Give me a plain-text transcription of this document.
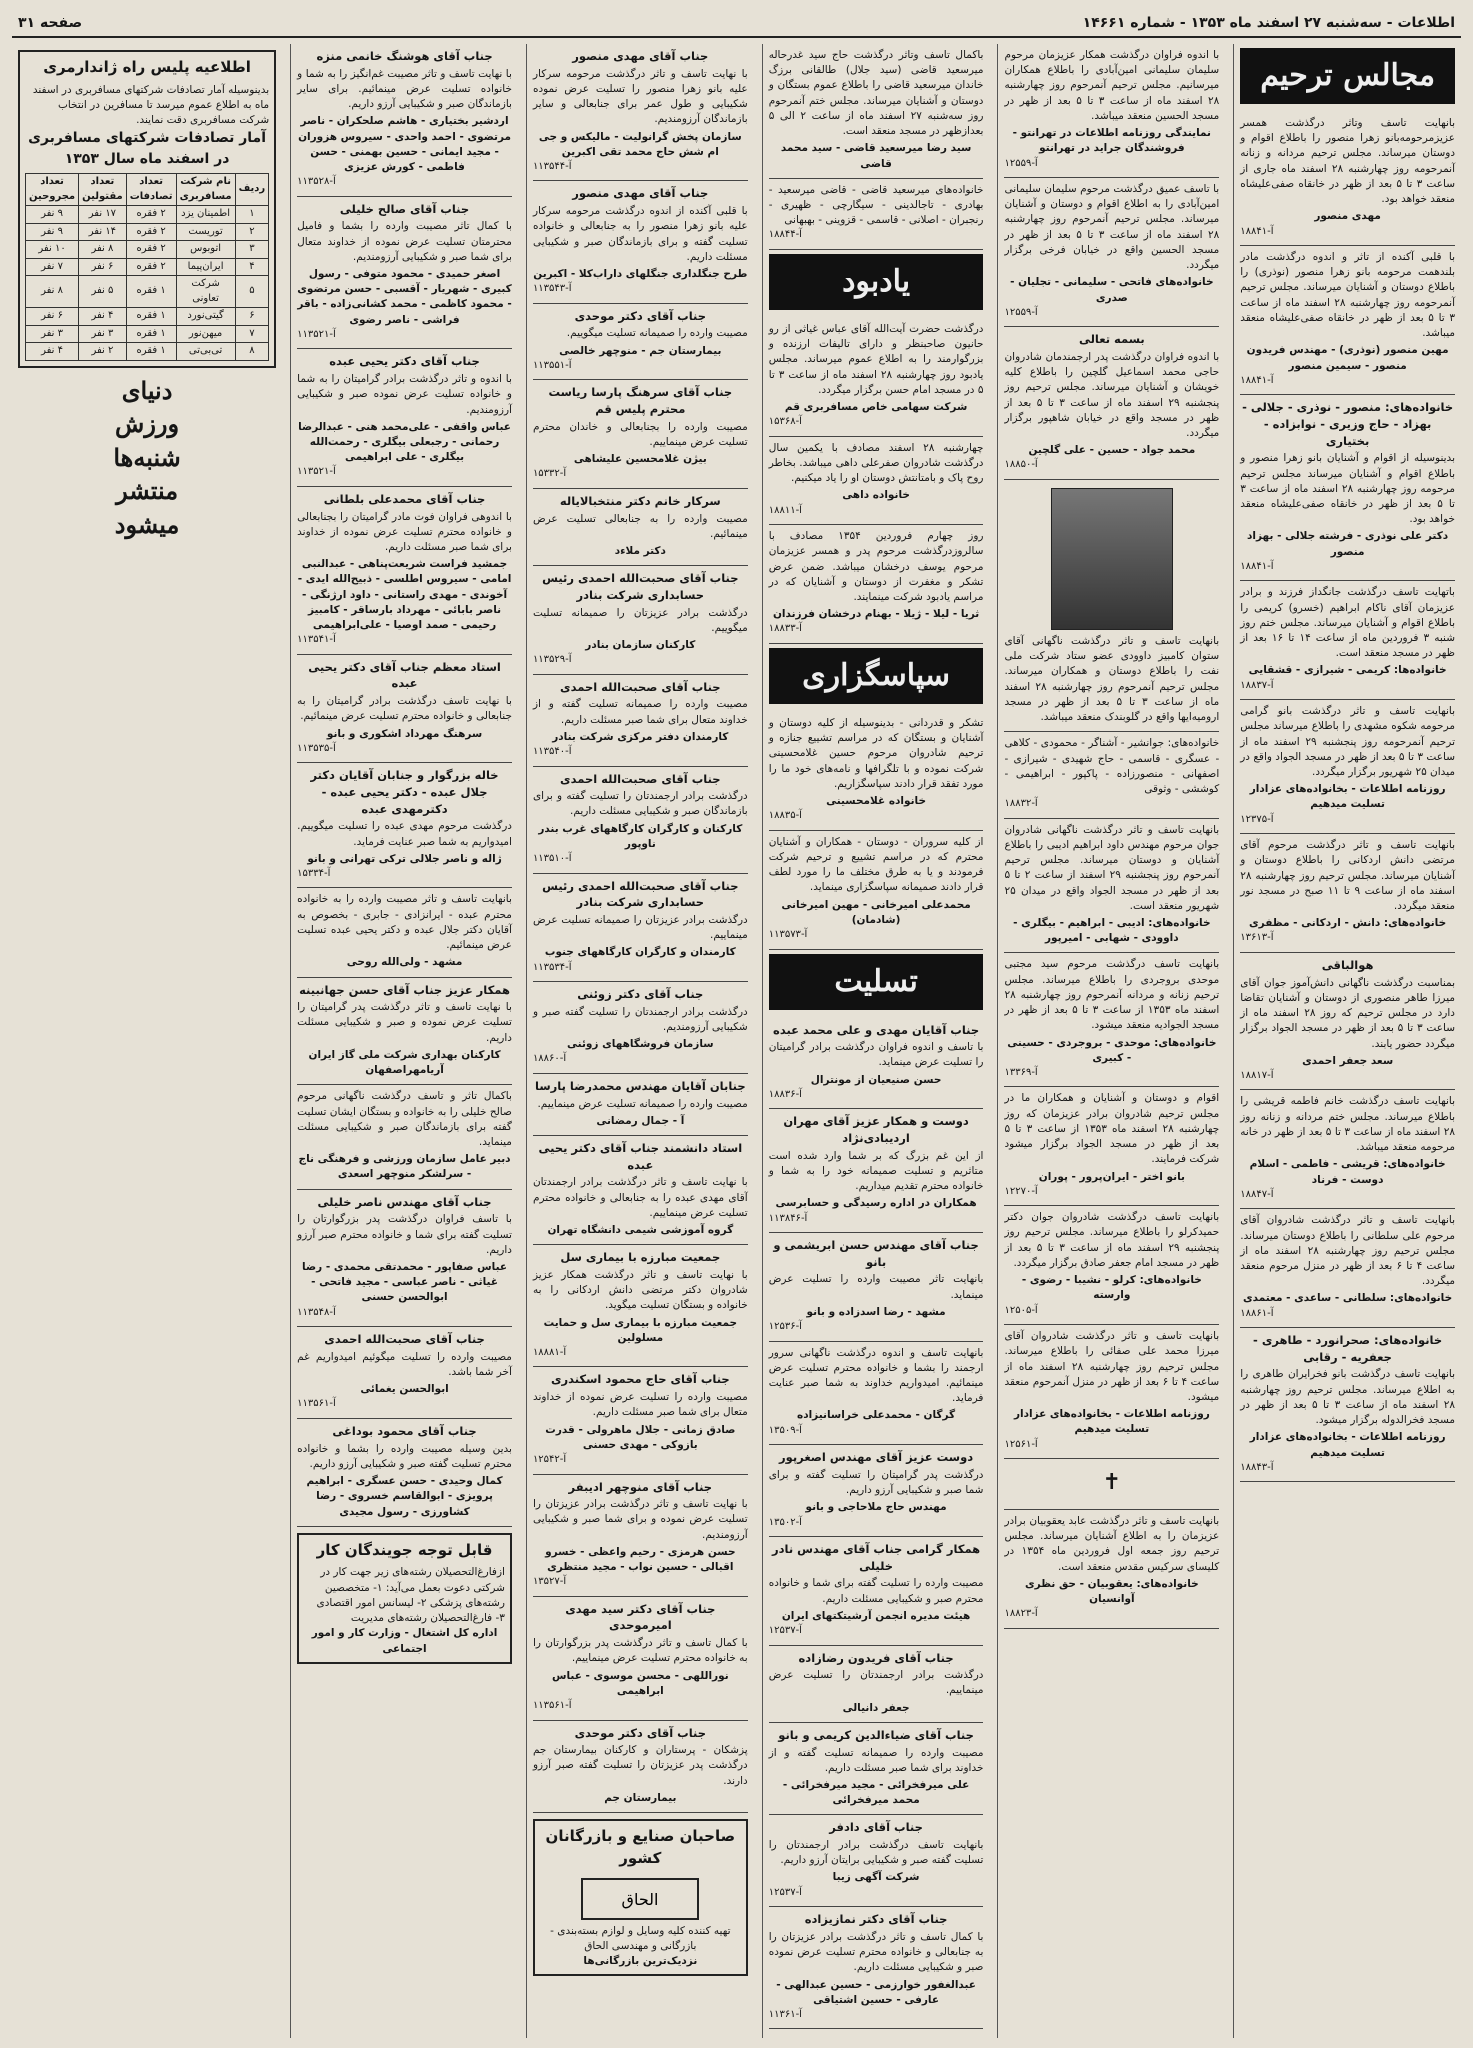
اطلاعات - سه‌شنبه ۲۷ اسفند ماه ۱۳۵۳ - شماره ۱۴۶۶۱
صفحه ۳۱
مجالس ترحیم
بانهایت تاسف وتاثر درگذشت همسر عزیزمرحومه‌بانو زهرا منصور را باطلاع اقوام و دوستان میرساند. مجلس ترحیم مردانه و زنانه آنمرحومه روز چهارشنبه ۲۸ اسفند ماه جاری از ساعت ۳ تا ۵ بعد از ظهر در خانقاه صفی‌علیشاه منعقد خواهد بود.
مهدی منصور
آ-۱۸۸۴۱
با قلبی آکنده از تاثر و اندوه درگذشت مادر بلندهمت مرحومه بانو زهرا منصور (نوذری) را باطلاع دوستان و آشنایان میرساند. مجلس ترحیم آنمرحومه روز چهارشنبه ۲۸ اسفند ماه از ساعت ۳ تا ۵ بعد از ظهر در خانقاه صفی‌علیشاه منعقد میباشد.
مهین منصور (نوذری) - مهندس فریدون منصور - سیمین منصور
آ-۱۸۸۴۱
خانواده‌های: منصور - نوذری - جلالی - بهزاد - حاج وزیری - نوابزاده - بختیاری
بدینوسیله از اقوام و آشنایان بانو زهرا منصور و باطلاع اقوام و آشنایان میرساند مجلس ترحیم مرحومه روز چهارشنبه ۲۸ اسفند ماه از ساعت ۳ تا ۵ بعد از ظهر در خانقاه صفی‌علیشاه منعقد خواهد بود.
دکتر علی نوذری - فرشته جلالی - بهزاد منصور
آ-۱۸۸۴۱
باتهایت تاسف درگذشت جانگداز فرزند و برادر عزیزمان آقای ناکام ابراهیم (خسرو) کریمی را باطلاع اقوام و آشنایان میرساند. مجلس ختم روز شنبه ۳ فروردین ماه از ساعت ۱۴ تا ۱۶ بعد از ظهر در مسجد منعقد است.
خانواده‌ها: کریمی - شیرازی - قشقایی
آ-۱۸۸۳۷
بانهایت تاسف و تاثر درگذشت بانو گرامی مرحومه شکوه مشهدی را باطلاع میرساند مجلس ترحیم آنمرحومه روز پنجشنبه ۲۹ اسفند ماه از ساعت ۳ تا ۵ بعد از ظهر در مسجد الجواد واقع در میدان ۲۵ شهریور برگزار میگردد.
روزنامه اطلاعات - بخانواده‌های عزادار تسلیت میدهیم
آ-۱۲۳۷۵
بانهایت تاسف و تاثر درگذشت مرحوم آقای مرتضی دانش اردکانی را باطلاع دوستان و آشنایان میرساند. مجلس ترحیم روز چهارشنبه ۲۸ اسفند ماه از ساعت ۹ تا ۱۱ صبح در مسجد نور منعقد میگردد.
خانواده‌های: دانش - اردکانی - مظفری
آ-۱۳۶۱۳
هوالباقی
بمناسبت درگذشت ناگهانی دانش‌آموز جوان آقای میرزا طاهر منصوری از دوستان و آشنایان تقاضا دارد در مجلس ترحیم که روز ۲۸ اسفند ماه از ساعت ۳ تا ۵ بعد از ظهر در مسجد الجواد برگزار میگردد حضور یابند.
سعد جعفر احمدی
آ-۱۸۸۱۷
بانهایت تاسف درگذشت خانم فاطمه قریشی را باطلاع میرساند. مجلس ختم مردانه و زنانه روز ۲۸ اسفند ماه از ساعت ۳ تا ۵ بعد از ظهر در خانه مرحومه منعقد میباشد.
خانواده‌های: قریشی - فاطمی - اسلام دوست - فرناد
آ-۱۸۸۴۷
بانهایت تاسف و تاثر درگذشت شادروان آقای مرحوم علی سلطانی را باطلاع دوستان میرساند. مجلس ترحیم روز چهارشنبه ۲۸ اسفند ماه از ساعت ۴ تا ۶ بعد از ظهر در منزل مرحوم منعقد میگردد.
خانواده‌های: سلطانی - ساعدی - معتمدی
آ-۱۸۸۶۱
خانواده‌های: صحرانورد - طاهری - جعفریه - رقابی
بانهایت تاسف درگذشت بانو فخرایران طاهری را به اطلاع میرساند. مجلس ترحیم روز چهارشنبه ۲۸ اسفند ماه از ساعت ۳ تا ۵ بعد از ظهر در مسجد فخرالدوله برگزار میشود.
روزنامه اطلاعات - بخانواده‌های عزادار تسلیت میدهیم
آ-۱۸۸۴۳
با اندوه فراوان درگذشت همکار عزیزمان مرحوم سلیمان سلیمانی امین‌آبادی را باطلاع همکاران میرسانیم. مجلس ترحیم آنمرحوم روز چهارشنبه ۲۸ اسفند ماه از ساعت ۳ تا ۵ بعد از ظهر در مسجد الحسین منعقد میباشد.
نمایندگی روزنامه اطلاعات در تهرانتو - فروشندگان جراید در تهرانتو
آ-۱۲۵۵۹
با تاسف عمیق درگذشت مرحوم سلیمان سلیمانی امین‌آبادی را به اطلاع اقوام و دوستان و آشنایان میرساند. مجلس ترحیم آنمرحوم روز چهارشنبه ۲۸ اسفند ماه از ساعت ۳ تا ۵ بعد از ظهر در مسجد الحسین واقع در خیابان فرخی برگزار میگردد.
خانواده‌های فاتحی - سلیمانی - تجلیان - صدری
آ-۱۲۵۵۹
بسمه تعالی
با اندوه فراوان درگذشت پدر ارجمندمان شادروان حاجی محمد اسماعیل گلچین را باطلاع کلیه خویشان و آشنایان میرساند. مجلس ترحیم روز پنجشنبه ۲۹ اسفند ماه از ساعت ۳ تا ۵ بعد از ظهر در مسجد واقع در خیابان شاهپور برگزار میگردد.
محمد جواد - حسین - علی گلچین
آ-۱۸۸۵۰
بانهایت تاسف و تاثر درگذشت ناگهانی آقای ستوان کامبیز داوودی عضو ستاد شرکت ملی نفت را باطلاع دوستان و همکاران میرساند. مجلس ترحیم آنمرحوم روز چهارشنبه ۲۸ اسفند ماه از ساعت ۳ تا ۵ بعد از ظهر در مسجد ارومیه‌ایها واقع در گلوبندک منعقد میباشد.
خانواده‌های: جوانشیر - آشناگر - محمودی - کلاهی - عسگری - قاسمی - حاج شهیدی - شیرازی - اصفهانی - منصورزاده - پاکپور - ابراهیمی - کوششی - وثوقی
آ-۱۸۸۳۲
بانهایت تاسف و تاثر درگذشت ناگهانی شادروان جوان مرحوم مهندس داود ابراهیم ادیبی را باطلاع آشنایان و دوستان میرساند. مجلس ترحیم آنمرحوم روز پنجشنبه ۲۹ اسفند از ساعت ۲ تا ۵ بعد از ظهر در مسجد الجواد واقع در میدان ۲۵ شهریور منعقد است.
خانواده‌های: ادیبی - ابراهیم - بیگلری - داوودی - شهابی - امیرپور
بانهایت تاسف درگذشت مرحوم سید مجتبی موحدی بروجردی را باطلاع میرساند. مجلس ترحیم زنانه و مردانه آنمرحوم روز چهارشنبه ۲۸ اسفند ماه ۱۳۵۳ از ساعت ۳ تا ۵ بعد از ظهر در مسجد الجوادیه منعقد میشود.
خانواده‌های: موحدی - بروجردی - حسینی - کبیری
آ-۱۳۳۶۹
اقوام و دوستان و آشنایان و همکاران ما در مجلس ترحیم شادروان برادر عزیزمان که روز چهارشنبه ۲۸ اسفند ماه ۱۳۵۳ از ساعت ۳ تا ۵ بعد از ظهر در مسجد الجواد برگزار میشود شرکت فرمایند.
بانو اختر - ایران‌پرور - پوران
آ-۱۲۲۷۰
بانهایت تاسف درگذشت شادروان جوان دکتر حمیدکرلو را باطلاع میرساند. مجلس ترحیم روز پنجشنبه ۲۹ اسفند ماه از ساعت ۳ تا ۵ بعد از ظهر در مسجد امام جعفر صادق برگزار میگردد.
خانواده‌های: کرلو - نشیبا - رضوی - وارسته
آ-۱۲۵۰۵
بانهایت تاسف و تاثر درگذشت شادروان آقای میرزا محمد علی صفائی را باطلاع میرساند. مجلس ترحیم روز چهارشنبه ۲۸ اسفند ماه از ساعت ۴ تا ۶ بعد از ظهر در منزل آنمرحوم منعقد میشود.
روزنامه اطلاعات - بخانواده‌های عزادار تسلیت میدهیم
آ-۱۲۵۶۱
✝
بانهایت تاسف و تاثر درگذشت عابد یعقوبیان برادر عزیزمان را به اطلاع آشنایان میرساند. مجلس ترحیم روز جمعه اول فروردین ماه ۱۳۵۴ در کلیسای سرکیس مقدس منعقد است.
خانواده‌های: یعقوبیان - حق نظری آوانسیان
آ-۱۸۸۲۳
باکمال تاسف وتاثر درگذشت حاج سید غدرحاله میرسعید قاضی (سید جلال) طالقانی برزگ خاندان میرسعید قاضی را باطلاع عموم بستگان و دوستان و آشنایان میرساند. مجلس ختم آنمرحوم روز سه‌شنبه ۲۷ اسفند ماه از ساعت ۲ الی ۵ بعدازظهر در مسجد منعقد است.
سید رضا میرسعید قاضی - سید محمد قاضی
خانواده‌های میرسعید قاضی - قاضی میرسعید - بهادری - تاجالدینی - سیگارچی - ظهیری - رنجبران - اصلانی - قاسمی - قزوینی - بهبهانی
آ-۱۸۸۴۴
یادبود
درگذشت حضرت آیت‌الله آقای عباس غیاثی از رو حانیون صاحبنظر و دارای تالیفات ارزنده و بزرگوارمند را به اطلاع عموم میرساند. مجلس یادبود روز چهارشنبه ۲۸ اسفند ماه از ساعت ۳ تا ۵ در مسجد امام حسن برگزار میگردد.
شرکت سهامی خاص مسافربری قم
آ-۱۵۳۶۸
چهارشنبه ۲۸ اسفند مصادف با یکمین سال درگذشت شادروان صفرعلی داهی میباشد. بخاطر روح پاک و بامتانتش دوستان او را یاد میکنیم.
خانواده داهی
آ-۱۸۸۱۱
روز چهارم فروردین ۱۳۵۴ مصادف با سالروزدرگذشت مرحوم پدر و همسر عزیزمان مرحوم یوسف درخشان میباشد. ضمن عرض تشکر و مغفرت از دوستان و آشنایان که در مراسم یادبود شرکت مینمایند.
ثریا - لیلا - ژیلا - بهنام درخشان فرزندان
آ-۱۸۸۳۳
سپاسگزاری
تشکر و قدردانی - بدینوسیله از کلیه دوستان و آشنایان و بستگان که در مراسم تشییع جنازه و ترحیم شادروان مرحوم حسین غلامحسینی شرکت نموده و با تلگرافها و نامه‌های خود ما را مورد تفقد قرار دادند سپاسگزاریم.
خانواده غلامحسینی
آ-۱۸۸۳۵
از کلیه سروران - دوستان - همکاران و آشنایان محترم که در مراسم تشییع و ترحیم شرکت فرمودند و یا به طرق مختلف ما را مورد لطف قرار دادند صمیمانه سپاسگزاری مینماید.
محمدعلی امیرخانی - مهین امیرخانی (شادمان)
آ-۱۱۳۵۷۳
تسلیت
جناب آقایان مهدی و علی محمد عبده
با تاسف و اندوه فراوان درگذشت برادر گرامیتان را تسلیت عرض مینماید.
حسن صنیعیان از مونترال
آ-۱۸۸۳۶
دوست و همکار عزیز آقای مهران اردیبادی‌نژاد
از این غم بزرگ که بر شما وارد شده است متاثریم و تسلیت صمیمانه خود را به شما و خانواده محترم تقدیم میداریم.
همکاران در اداره رسیدگی و حسابرسی
آ-۱۱۳۸۴۶
جناب آقای مهندس حسن ابریشمی و بانو
بانهایت تاثر مصیبت وارده را تسلیت عرض مینماید.
مشهد - رضا اسدزاده و بانو
آ-۱۲۵۳۶
بانهایت تاسف و اندوه درگذشت ناگهانی سرور ارجمند را بشما و خانواده محترم تسلیت عرض مینمائیم. امیدواریم خداوند به شما صبر عنایت فرماید.
گرگان - محمدعلی خراسانیزاده
آ-۱۳۵۰۹
دوست عزیز آقای مهندس اصغرپور
درگذشت پدر گرامیتان را تسلیت گفته و برای شما صبر و شکیبایی آرزو داریم.
مهندس حاج ملاحاجی و بانو
آ-۱۳۵۰۲
همکار گرامی جناب آقای مهندس نادر خلیلی
مصیبت وارده را تسلیت گفته برای شما و خانواده محترم صبر و شکیبایی مسئلت داریم.
هیئت مدیره انجمن آرشیتکتهای ایران
آ-۱۲۵۳۷
جناب آقای فریدون رضازاده
درگذشت برادر ارجمندتان را تسلیت عرض مینماییم.
جعفر دانیالی
جناب آقای ضیاءالدین کریمی و بانو
مصیبت وارده را صمیمانه تسلیت گفته و از خداوند برای شما صبر مسئلت داریم.
علی میرفخرائی - مجید میرفخرائی - محمد میرفخرائی
جناب آقای دادفر
بانهایت تاسف درگذشت برادر ارجمندتان را تسلیت گفته صبر و شکیبایی برایتان آرزو داریم.
شرکت آگهی زیبا
آ-۱۲۵۳۷
جناب آقای دکتر نمازیزاده
با کمال تاسف و تاثر درگذشت برادر عزیزتان را به جنابعالی و خانواده محترم تسلیت عرض نموده صبر و شکیبایی مسئلت داریم.
عبدالغفور خوارزمی - حسین عبدالهی - عارفی - حسین اشتیاقی
آ-۱۱۳۶۱
جناب آقای مهدی منصور
با نهایت تاسف و تاثر درگذشت مرحومه سرکار علیه بانو زهرا منصور را تسلیت عرض نموده شکیبایی و طول عمر برای جنابعالی و سایر بازماندگان آرزومندیم.
سازمان پخش گرانولیت - مالیکس و جی ام شش حاج محمد تقی اکبرین
آ-۱۱۳۵۴۴
جناب آقای مهدی منصور
با قلبی آکنده از اندوه درگذشت مرحومه سرکار علیه بانو زهرا منصور را به جنابعالی و خانواده تسلیت گفته و برای بازماندگان صبر و شکیبایی مسئلت داریم.
طرح جنگلداری جنگلهای داراب‌کلا - اکبرین
آ-۱۱۳۵۴۳
جناب آقای دکتر موحدی
مصیبت وارده را صمیمانه تسلیت میگوییم.
بیمارستان جم - منوچهر خالصی
آ-۱۱۳۵۵۱
جناب آقای سرهنگ پارسا ریاست محترم پلیس قم
مصیبت وارده را بجنابعالی و خاندان محترم تسلیت عرض مینماییم.
بیژن غلامحسین علیشاهی
آ-۱۵۳۳۲
سرکار خانم دکتر منتخبالایاله
مصیبت وارده را به جنابعالی تسلیت عرض مینمائیم.
دکتر ملاءد
جناب آقای صحبت‌الله احمدی رئیس حسابداری شرکت بنادر
درگذشت برادر عزیزتان را صمیمانه تسلیت میگوییم.
کارکنان سازمان بنادر
آ-۱۱۳۵۲۹
جناب آقای صحبت‌الله احمدی
مصیبت وارده را صمیمانه تسلیت گفته و از خداوند متعال برای شما صبر مسئلت داریم.
کارمندان دفتر مرکزی شرکت بنادر
آ-۱۱۳۵۴۰
جناب آقای صحبت‌الله احمدی
درگذشت برادر ارجمندتان را تسلیت گفته و برای بازماندگان صبر و شکیبایی مسئلت داریم.
کارکنان و کارگران کارگاههای غرب بندر ناوپور
آ-۱۱۳۵۱۰
جناب آقای صحبت‌الله احمدی رئیس حسابداری شرکت بنادر
درگذشت برادر عزیزتان را صمیمانه تسلیت عرض مینماییم.
کارمندان و کارگران کارگاههای جنوب
آ-۱۱۳۵۳۴
جناب آقای دکتر زوئنی
درگذشت برادر ارجمندتان را تسلیت گفته صبر و شکیبایی آرزومندیم.
سازمان فروشگاههای زوئنی
آ-۱۸۸۶۰
جنابان آقایان مهندس محمدرضا پارسا
مصیبت وارده را صمیمانه تسلیت عرض مینماییم.
آ - جمال رمضانی
استاد دانشمند جناب آقای دکتر یحیی عبده
با نهایت تاسف و تاثر درگذشت برادر ارجمندتان آقای مهدی عبده را به جنابعالی و خانواده محترم تسلیت عرض مینماییم.
گروه آموزشی شیمی دانشگاه تهران
جمعیت مبارزه با بیماری سل
با نهایت تاسف و تاثر درگذشت همکار عزیز شادروان دکتر مرتضی دانش اردکانی را به خانواده و بستگان تسلیت میگوید.
جمعیت مبارزه با بیماری سل و حمایت مسلولین
آ-۱۸۸۸۱
جناب آقای حاج محمود اسکندری
مصیبت وارده را تسلیت عرض نموده از خداوند متعال برای شما صبر مسئلت داریم.
صادق زمانی - جلال ماهرولی - قدرت بازوکی - مهدی حسنی
آ-۱۲۵۴۲
جناب آقای منوچهر ادیبفر
با نهایت تاسف و تاثر درگذشت برادر عزیزتان را تسلیت عرض نموده و برای شما صبر و شکیبایی آرزومندیم.
حسن هرمزی - رحیم واعظی - خسرو اقبالی - حسین نواب - مجید منتظری
آ-۱۳۵۲۷
جناب آقای دکتر سید مهدی امیرموحدی
با کمال تاسف و تاثر درگذشت پدر بزرگوارتان را به خانواده محترم تسلیت عرض مینماییم.
نوراللهی - محسن موسوی - عباس ابراهیمی
آ-۱۱۳۵۶۱
جناب آقای دکتر موحدی
پزشکان - پرستاران و کارکنان بیمارستان جم درگذشت پدر عزیزتان را تسلیت گفته صبر آرزو دارند.
بیمارستان جم
صاحبان صنایع و بازرگانان کشور
الحاق
تهیه کننده کلیه وسایل و لوازم بسته‌بندی - بازرگانی و مهندسی الحاق
نزدیک‌ترین بازرگانی‌ها
جناب آقای هوشنگ خانمی منزه
با نهایت تاسف و تاثر مصیبت غم‌انگیز را به شما و خانواده تسلیت عرض مینمائیم. برای سایر بازماندگان صبر و شکیبایی آرزو داریم.
اردشیر بختیاری - هاشم صلحکران - ناصر مرتضوی - احمد واحدی - سیروس هزوران - مجید ایمانی - حسین بهمنی - حسن فاطمی - کورش عزیزی
آ-۱۱۳۵۲۸
جناب آقای صالح خلیلی
با کمال تاثر مصیبت وارده را بشما و فامیل محترمتان تسلیت عرض نموده از خداوند متعال برای شما صبر و شکیبایی آرزومندیم.
اصغر حمیدی - محمود متوفی - رسول کبیری - شهریار - آقسبی - حسن مرتضوی - محمود کاظمی - محمد کشانی‌زاده - باقر فراشی - ناصر رضوی
آ-۱۱۳۵۲۱
جناب آقای دکتر یحیی عبده
با اندوه و تاثر درگذشت برادر گرامیتان را به شما و خانواده تسلیت عرض نموده صبر و شکیبایی آرزومندیم.
عباس واقفی - علی‌محمد هنی - عبدالرضا رحمانی - رجبعلی بیگلری - رحمت‌الله بیگلری - علی ابراهیمی
آ-۱۱۳۵۲۱
جناب آقای محمدعلی بلطانی
با اندوهی فراوان فوت مادر گرامیتان را بجنابعالی و خانواده محترم تسلیت عرض نموده از خداوند برای شما صبر مسئلت داریم.
جمشید فراست شریعت‌پناهی - عبدالنبی امامی - سیروس اطلسی - ذبیح‌الله ایدی - آخوندی - مهدی راستانی - داود ارژنگی - ناصر بابائی - مهرداد بارساقر - کامبیز رحیمی - صمد اوصیا - علی‌ابراهیمی
آ-۱۱۳۵۴۱
استاد معظم جناب آقای دکتر یحیی عبده
با نهایت تاسف درگذشت برادر گرامیتان را به جنابعالی و خانواده محترم تسلیت عرض مینمائیم.
سرهنگ مهرداد اشکوری و بانو
آ-۱۱۳۵۳۵
خاله بزرگوار و جنابان آقایان دکتر جلال عبده - دکتر یحیی عبده - دکترمهدی عبده
درگذشت مرحوم مهدی عبده را تسلیت میگوییم. امیدواریم به شما صبر عنایت فرماید.
ژاله و ناصر جلالی ترکی تهرانی و بانو
آ-۱۵۳۳۴
بانهایت تاسف و تاثر مصیبت وارده را به خانواده محترم عبده - ایرانزادی - جابری - بخصوص به آقایان دکتر جلال عبده و دکتر یحیی عبده تسلیت عرض مینمائیم.
مشهد - ولی‌الله روحی
همکار عزیز جناب آقای حسن جهانبینه
با نهایت تاسف و تاثر درگذشت پدر گرامیتان را تسلیت عرض نموده و صبر و شکیبایی مسئلت داریم.
کارکنان بهداری شرکت ملی گاز ایران آریامهراصفهان
باکمال تاثر و تاسف درگذشت ناگهانی مرحوم صالح خلیلی را به خانواده و بستگان ایشان تسلیت گفته برای بازماندگان صبر و شکیبایی مسئلت مینماید.
دبیر عامل سازمان ورزشی و فرهنگی ناج - سرلشکر منوچهر اسعدی
جناب آقای مهندس ناصر خلیلی
با تاسف فراوان درگذشت پدر بزرگوارتان را تسلیت گفته برای شما و خانواده محترم صبر آرزو داریم.
عباس صفاپور - محمدتقی محمدی - رضا غیاثی - ناصر عباسی - مجید فاتحی - ابوالحسن حسنی
آ-۱۱۳۵۴۸
جناب آقای صحبت‌الله احمدی
مصیبت وارده را تسلیت میگوئیم امیدواریم غم آخر شما باشد.
ابوالحسن یغمائی
آ-۱۱۳۵۶۱
جناب آقای محمود بوداغی
بدین وسیله مصیبت وارده را بشما و خانواده محترم تسلیت گفته صبر و شکیبایی آرزو داریم.
کمال وحیدی - حسن عسگری - ابراهیم پرویزی - ابوالقاسم خسروی - رضا کشاورزی - رسول مجیدی
قابل توجه جویندگان کار
ازفارغ‌التحصیلان رشته‌های زیر جهت کار در شرکتی دعوت بعمل می‌آید: ۱- متخصصین رشته‌های پزشکی ۲- لیسانس امور اقتصادی ۳- فارغ‌التحصیلان رشته‌های مدیریت
اداره کل اشتغال - وزارت کار و امور اجتماعی
اطلاعیه پلیس راه ژاندارمری
بدینوسیله آمار تصادفات شرکتهای مسافربری در اسفند ماه به اطلاع عموم میرسد تا مسافرین در انتخاب شرکت مسافربری دقت نمایند.
آمار تصادفات شرکتهای مسافربری در اسفند ماه سال ۱۳۵۳
ردیف	نام شرکت مسافربری	تعداد تصادفات	تعداد مقتولین	تعداد مجروحین
۱	اطمینان یزد	۲ فقره	۱۷ نفر	۹ نفر
۲	توریست	۲ فقره	۱۴ نفر	۹ نفر
۳	اتوبوس	۲ فقره	۸ نفر	۱۰ نفر
۴	ایران‌پیما	۲ فقره	۶ نفر	۷ نفر
۵	شرکت تعاونی	۱ فقره	۵ نفر	۸ نفر
۶	گیتی‌نورد	۱ فقره	۴ نفر	۶ نفر
۷	میهن‌نور	۱ فقره	۳ نفر	۳ نفر
۸	تی‌بی‌تی	۱ فقره	۲ نفر	۴ نفر
دنیای
ورزش
شنبه‌ها
منتشر
میشود
